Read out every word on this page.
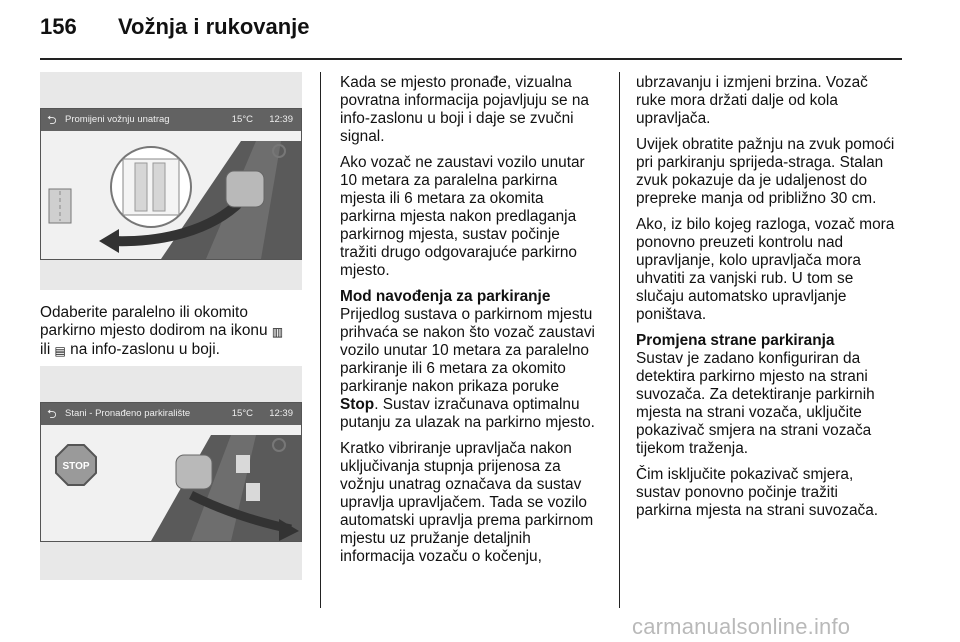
156 Vožnja i rukovanje
⮌ Promijeni vožnju unatrag	15°C 12:39

Odaberite paralelno ili okomito
parkirno mjesto dodirom na ikonu ▥
ili ▤ na info-zaslonu u boji.

⮌ Stani - Pronađeno parkiralište	15°C 12:39
STOP

Kada se mjesto pronađe, vizualna
povratna informacija pojavljuju se na
info-zaslonu u boji i daje se zvučni
signal.

Ako vozač ne zaustavi vozilo unutar
10 metara za paralelna parkirna
mjesta ili 6 metara za okomita
parkirna mjesta nakon predlaganja
parkirnog mjesta, sustav počinje
tražiti drugo odgovarajuće parkirno
mjesto.

Mod navođenja za parkiranje

Prijedlog sustava o parkirnom mjestu
prihvaća se nakon što vozač zaustavi
vozilo unutar 10 metara za paralelno
parkiranje ili 6 metara za okomito
parkiranje nakon prikaza poruke
Stop. Sustav izračunava optimalnu
putanju za ulazak na parkirno mjesto.

Kratko vibriranje upravljača nakon
uključivanja stupnja prijenosa za
vožnju unatrag označava da sustav
upravlja upravljačem. Tada se vozilo
automatski upravlja prema parkirnom
mjestu uz pružanje detaljnih
informacija vozaču o kočenju,

ubrzavanju i izmjeni brzina. Vozač
ruke mora držati dalje od kola
upravljača.

Uvijek obratite pažnju na zvuk pomoći
pri parkiranju sprijeda-straga. Stalan
zvuk pokazuje da je udaljenost do
prepreke manja od približno 30 cm.

Ako, iz bilo kojeg razloga, vozač mora
ponovno preuzeti kontrolu nad
upravljanje, kolo upravljača mora
uhvatiti za vanjski rub. U tom se
slučaju automatsko upravljanje
poništava.

Promjena strane parkiranja

Sustav je zadano konfiguriran da
detektira parkirno mjesto na strani
suvozača. Za detektiranje parkirnih
mjesta na strani vozača, uključite
pokazivač smjera na strani vozača
tijekom traženja.

Čim isključite pokazivač smjera,
sustav ponovno počinje tražiti
parkirna mjesta na strani suvozača.

carmanualsonline.info
